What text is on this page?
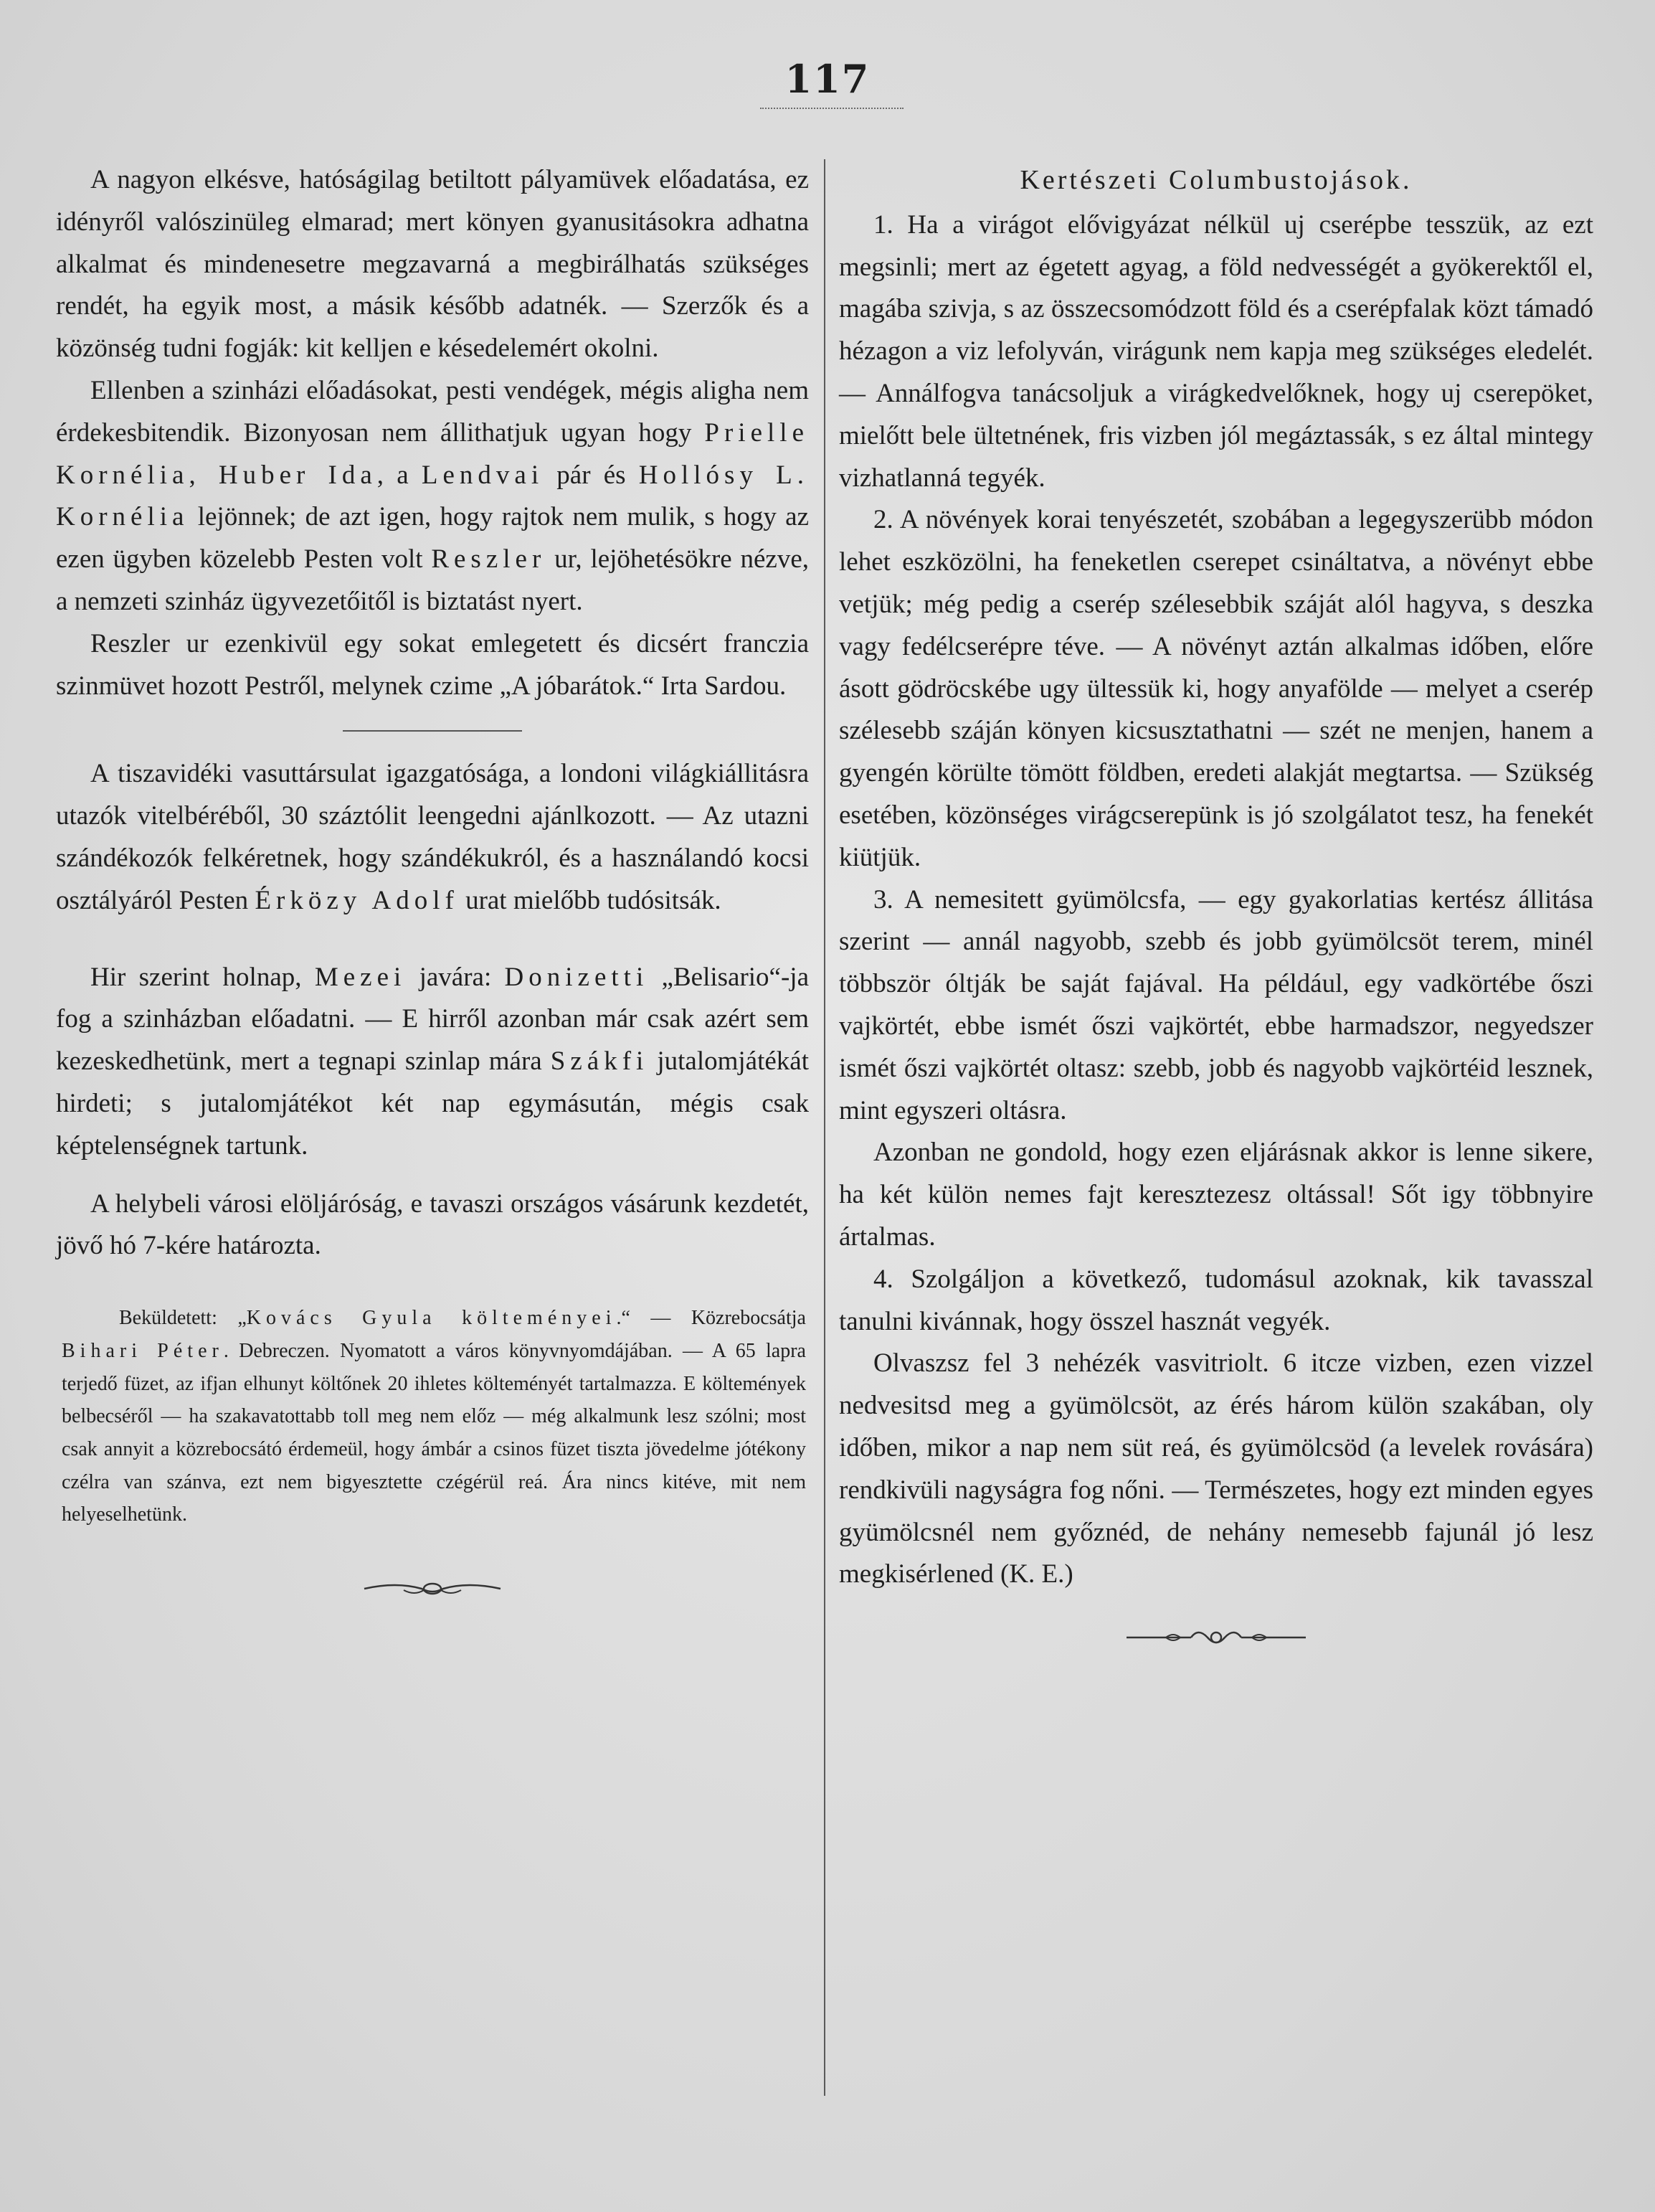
117

A nagyon elkésve, hatóságilag betiltott pályamüvek előadatása, ez idényről valószinüleg elmarad; mert könyen gyanusitásokra adhatna alkalmat és mindenesetre megzavarná a megbirálhatás szükséges rendét, ha egyik most, a másik később adatnék. — Szerzők és a közönség tudni fogják: kit kelljen e késedelemért okolni.

Ellenben a szinházi előadásokat, pesti vendégek, mégis aligha nem érdekesbitendik. Bizonyosan nem állithatjuk ugyan hogy Prielle Kornélia, Huber Ida, a Lendvai pár és Hollósy L. Kornélia lejönnek; de azt igen, hogy rajtok nem mulik, s hogy az ezen ügyben közelebb Pesten volt Reszler ur, lejöhetésökre nézve, a nemzeti szinház ügyvezetőitől is biztatást nyert.

Reszler ur ezenkivül egy sokat emlegetett és dicsért franczia szinmüvet hozott Pestről, melynek czime „A jóbarátok.“ Irta Sardou.

A tiszavidéki vasuttársulat igazgatósága, a londoni világkiállitásra utazók vitelbéréből, 30 száztólit leengedni ajánlkozott. — Az utazni szándékozók felkéretnek, hogy szándékukról, és a használandó kocsi osztályáról Pesten Érközy Adolf urat mielőbb tudósitsák.

Hir szerint holnap, Mezei javára: Donizetti „Belisario“-ja fog a szinházban előadatni. — E hirről azonban már csak azért sem kezeskedhetünk, mert a tegnapi szinlap mára Szákfi jutalomjátékát hirdeti; s jutalomjátékot két nap egymásután, mégis csak képtelenségnek tartunk.

A helybeli városi elöljáróság, e tavaszi országos vásárunk kezdetét, jövő hó 7-kére határozta.

Beküldetett: „Kovács Gyula költeményei.“ — Közrebocsátja Bihari Péter. Debreczen. Nyomatott a város könyvnyomdájában. — A 65 lapra terjedő füzet, az ifjan elhunyt költőnek 20 ihletes költeményét tartalmazza. E költemények belbecséről — ha szakavatottabb toll meg nem előz — még alkalmunk lesz szólni; most csak annyit a közrebocsátó érdemeül, hogy ámbár a csinos füzet tiszta jövedelme jótékony czélra van szánva, ezt nem bigyesztette czégérül reá. Ára nincs kitéve, mit nem helyeselhetünk.

Kertészeti Columbustojások.

1. Ha a virágot elővigyázat nélkül uj cserépbe tesszük, az ezt megsinli; mert az égetett agyag, a föld nedvességét a gyökerektől el, magába szivja, s az összecsomódzott föld és a cserépfalak közt támadó hézagon a viz lefolyván, virágunk nem kapja meg szükséges eledelét. — Annálfogva tanácsoljuk a virágkedvelőknek, hogy uj cserepöket, mielőtt bele ültetnének, fris vizben jól megáztassák, s ez által mintegy vizhatlanná tegyék.

2. A növények korai tenyészetét, szobában a legegyszerübb módon lehet eszközölni, ha feneketlen cserepet csináltatva, a növényt ebbe vetjük; még pedig a cserép szélesebbik száját alól hagyva, s deszka vagy fedélcserépre téve. — A növényt aztán alkalmas időben, előre ásott gödröcskébe ugy ültessük ki, hogy anyafölde — melyet a cserép szélesebb száján könyen kicsusztathatni — szét ne menjen, hanem a gyengén körülte tömött földben, eredeti alakját megtartsa. — Szükség esetében, közönséges virágcserepünk is jó szolgálatot tesz, ha fenekét kiütjük.

3. A nemesitett gyümölcsfa, — egy gyakorlatias kertész állitása szerint — annál nagyobb, szebb és jobb gyümölcsöt terem, minél többször óltják be saját fajával. Ha például, egy vadkörtébe őszi vajkörtét, ebbe ismét őszi vajkörtét, ebbe harmadszor, negyedszer ismét őszi vajkörtét oltasz: szebb, jobb és nagyobb vajkörtéid lesznek, mint egyszeri oltásra.

Azonban ne gondold, hogy ezen eljárásnak akkor is lenne sikere, ha két külön nemes fajt keresztezesz oltással! Sőt igy többnyire ártalmas.

4. Szolgáljon a következő, tudomásul azoknak, kik tavasszal tanulni kivánnak, hogy összel hasznát vegyék.

Olvaszsz fel 3 nehézék vasvitriolt. 6 itcze vizben, ezen vizzel nedvesitsd meg a gyümölcsöt, az érés három külön szakában, oly időben, mikor a nap nem süt reá, és gyümölcsöd (a levelek rovására) rendkivüli nagyságra fog nőni. — Természetes, hogy ezt minden egyes gyümölcsnél nem győznéd, de nehány nemesebb fajunál jó lesz megkisérlened (K. E.)
